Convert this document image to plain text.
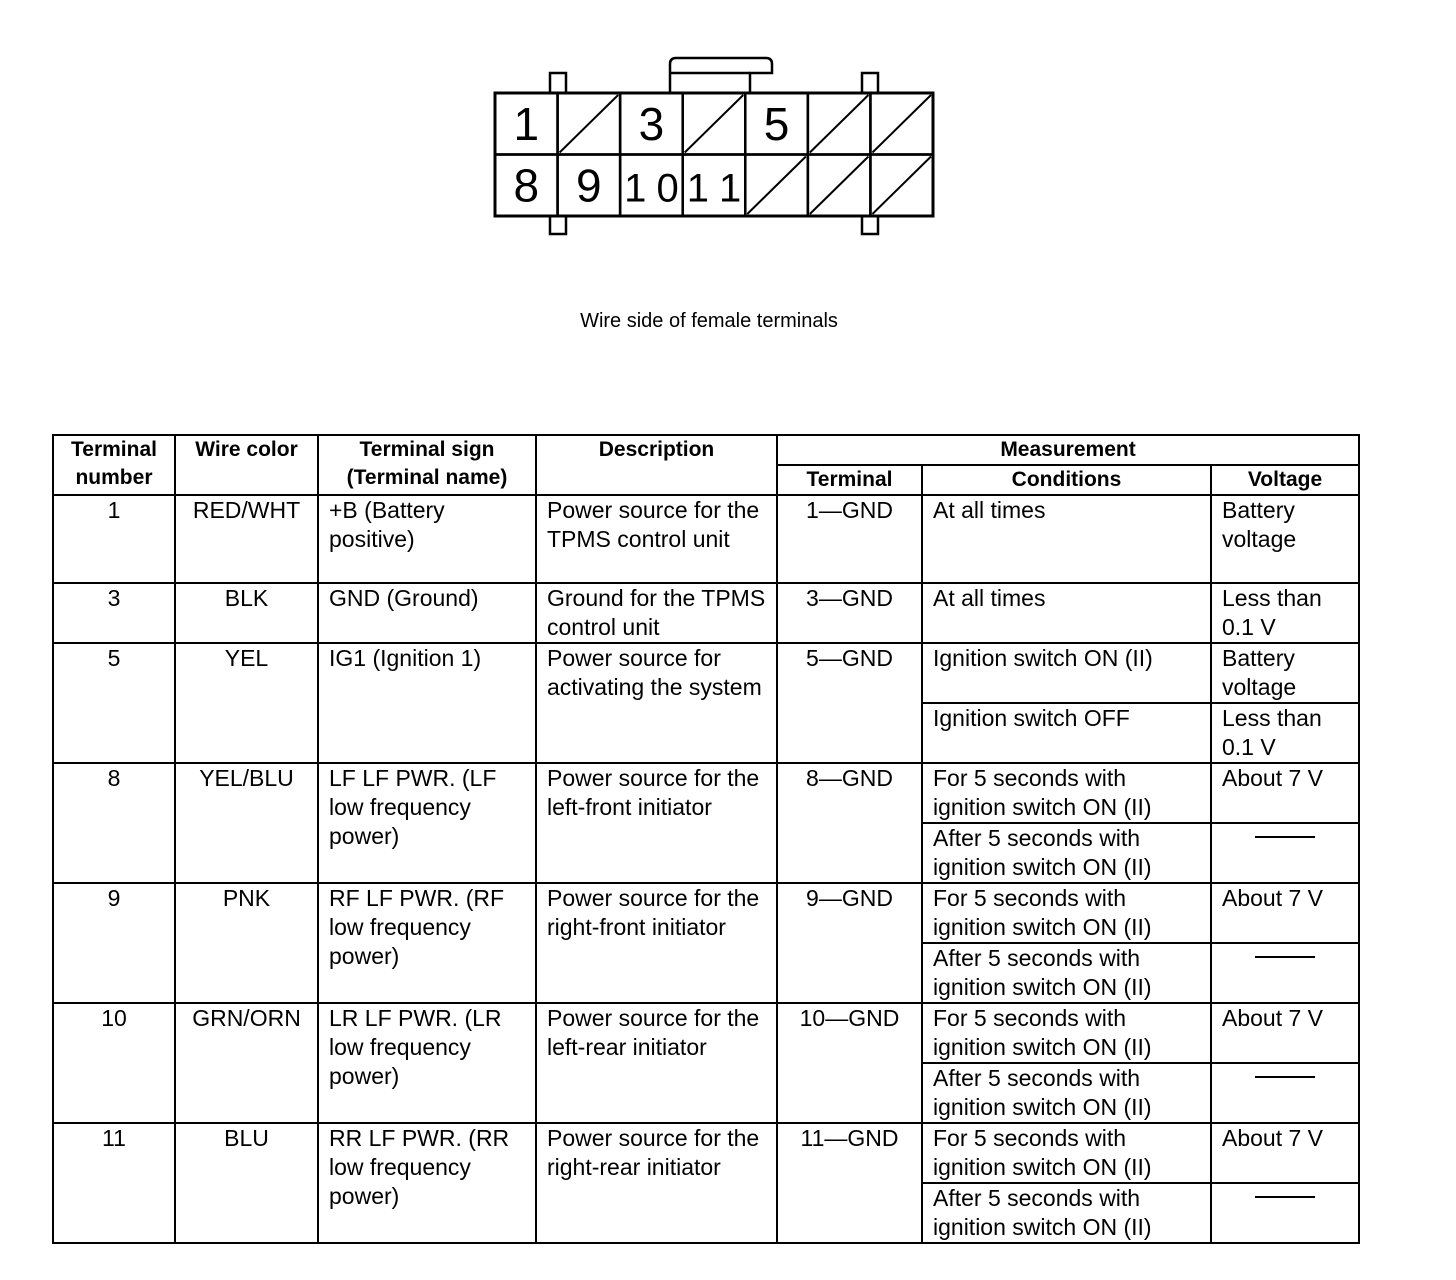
1 3 5
8 9 10 11
Wire side of female terminals
Terminal number	Wire color	Terminal sign (Terminal name)	Description	Measurement		
				Terminal	Conditions	Voltage
1	RED/WHT	+B (Battery positive)	Power source for the TPMS control unit	1—GND	At all times	Battery voltage
3	BLK	GND (Ground)	Ground for the TPMS control unit	3—GND	At all times	Less than 0.1 V
5	YEL	IG1 (Ignition 1)	Power source for activating the system	5—GND	Ignition switch ON (II)	Battery voltage
					Ignition switch OFF	Less than 0.1 V
8	YEL/BLU	LF LF PWR. (LF low frequency power)	Power source for the left-front initiator	8—GND	For 5 seconds with ignition switch ON (II)	About 7 V
					After 5 seconds with ignition switch ON (II)	

9	PNK	RF LF PWR. (RF low frequency power)	Power source for the right-front initiator	9—GND	For 5 seconds with ignition switch ON (II)	About 7 V
					After 5 seconds with ignition switch ON (II)	

10	GRN/ORN	LR LF PWR. (LR low frequency power)	Power source for the left-rear initiator	10—GND	For 5 seconds with ignition switch ON (II)	About 7 V
					After 5 seconds with ignition switch ON (II)	

11	BLU	RR LF PWR. (RR low frequency power)	Power source for the right-rear initiator	11—GND	For 5 seconds with ignition switch ON (II)	About 7 V
					After 5 seconds with ignition switch ON (II)	
